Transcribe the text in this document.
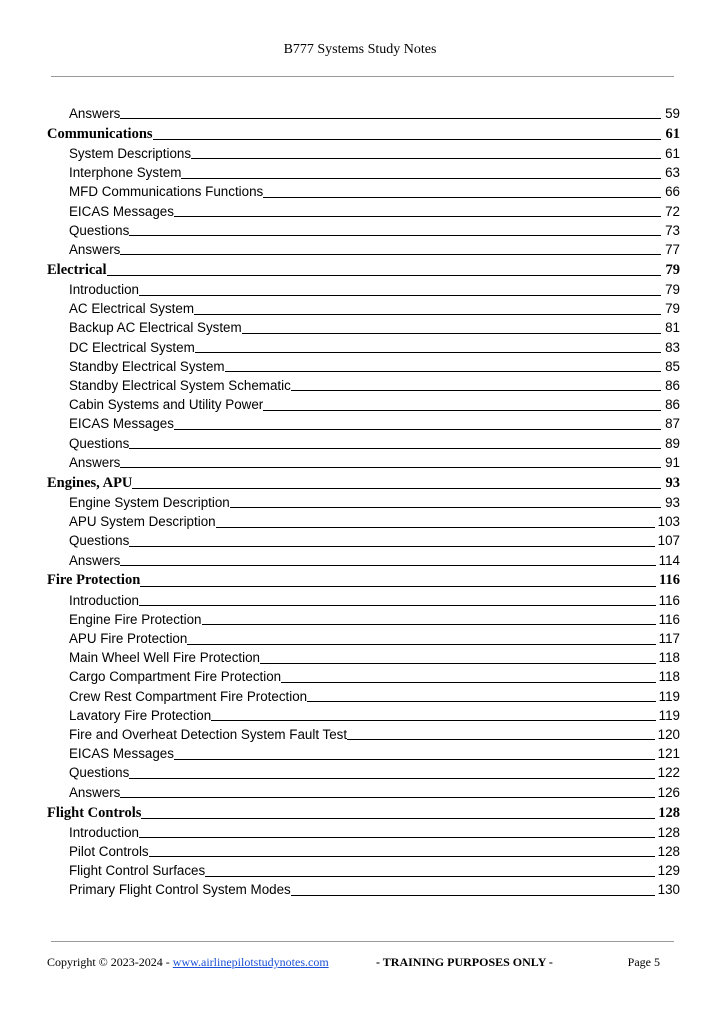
B777 Systems Study Notes
Answers	59
Communications	61
System Descriptions	61
Interphone System	63
MFD Communications Functions	66
EICAS Messages	72
Questions	73
Answers	77
Electrical	79
Introduction	79
AC Electrical System	79
Backup AC Electrical System	81
DC Electrical System	83
Standby Electrical System	85
Standby Electrical System Schematic	86
Cabin Systems and Utility Power	86
EICAS Messages	87
Questions	89
Answers	91
Engines, APU	93
Engine System Description	93
APU System Description	103
Questions	107
Answers	114
Fire Protection	116
Introduction	116
Engine Fire Protection	116
APU Fire Protection	117
Main Wheel Well Fire Protection	118
Cargo Compartment Fire Protection	118
Crew Rest Compartment Fire Protection	119
Lavatory Fire Protection	119
Fire and Overheat Detection System Fault Test	120
EICAS Messages	121
Questions	122
Answers	126
Flight Controls	128
Introduction	128
Pilot Controls	128
Flight Control Surfaces	129
Primary Flight Control System Modes	130
Copyright © 2023-2024 - www.airlinepilotstudynotes.com	- TRAINING PURPOSES ONLY -	Page 5
